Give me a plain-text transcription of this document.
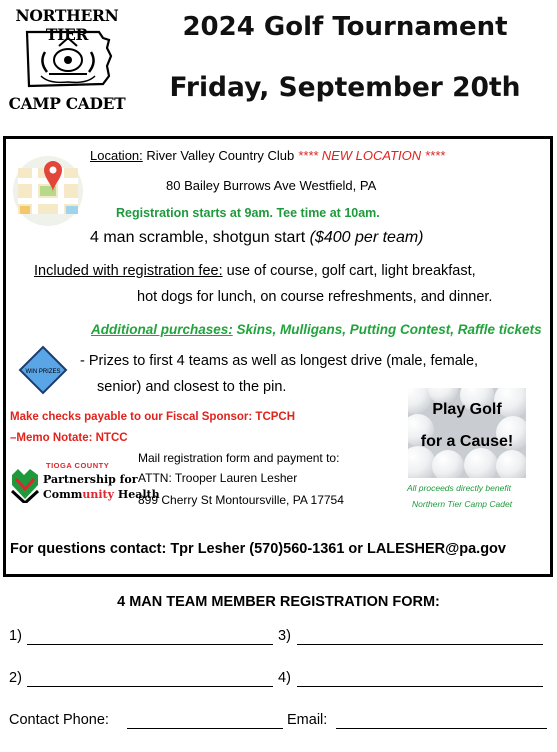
NORTHERN TIER
CAMP CADET
2024 Golf Tournament
Friday, September 20th
Location: River Valley Country Club **** NEW LOCATION ****
80 Bailey Burrows Ave Westfield, PA
Registration starts at 9am. Tee time at 10am.
4 man scramble, shotgun start ($400 per team)
Included with registration fee: use of course, golf cart, light breakfast,
hot dogs for lunch, on course refreshments, and dinner.
Additional purchases: Skins, Mulligans, Putting Contest, Raffle tickets
WIN PRIZES
- Prizes to first 4 teams as well as longest drive (male, female,
senior) and closest to the pin.
Make checks payable to our Fiscal Sponsor: TCPCH
–Memo Notate: NTCC
Play Golf
for a Cause!
All proceeds directly benefit
Northern Tier Camp Cadet
TIOGA COUNTY
Partnership for
Community Health
Mail registration form and payment to:
ATTN: Trooper Lauren Lesher
899 Cherry St Montoursville, PA 17754
For questions contact: Tpr Lesher (570)560-1361 or LALESHER@pa.gov
4 MAN TEAM MEMBER REGISTRATION FORM:
1)	3)
2)	4)
Contact Phone:	Email:
